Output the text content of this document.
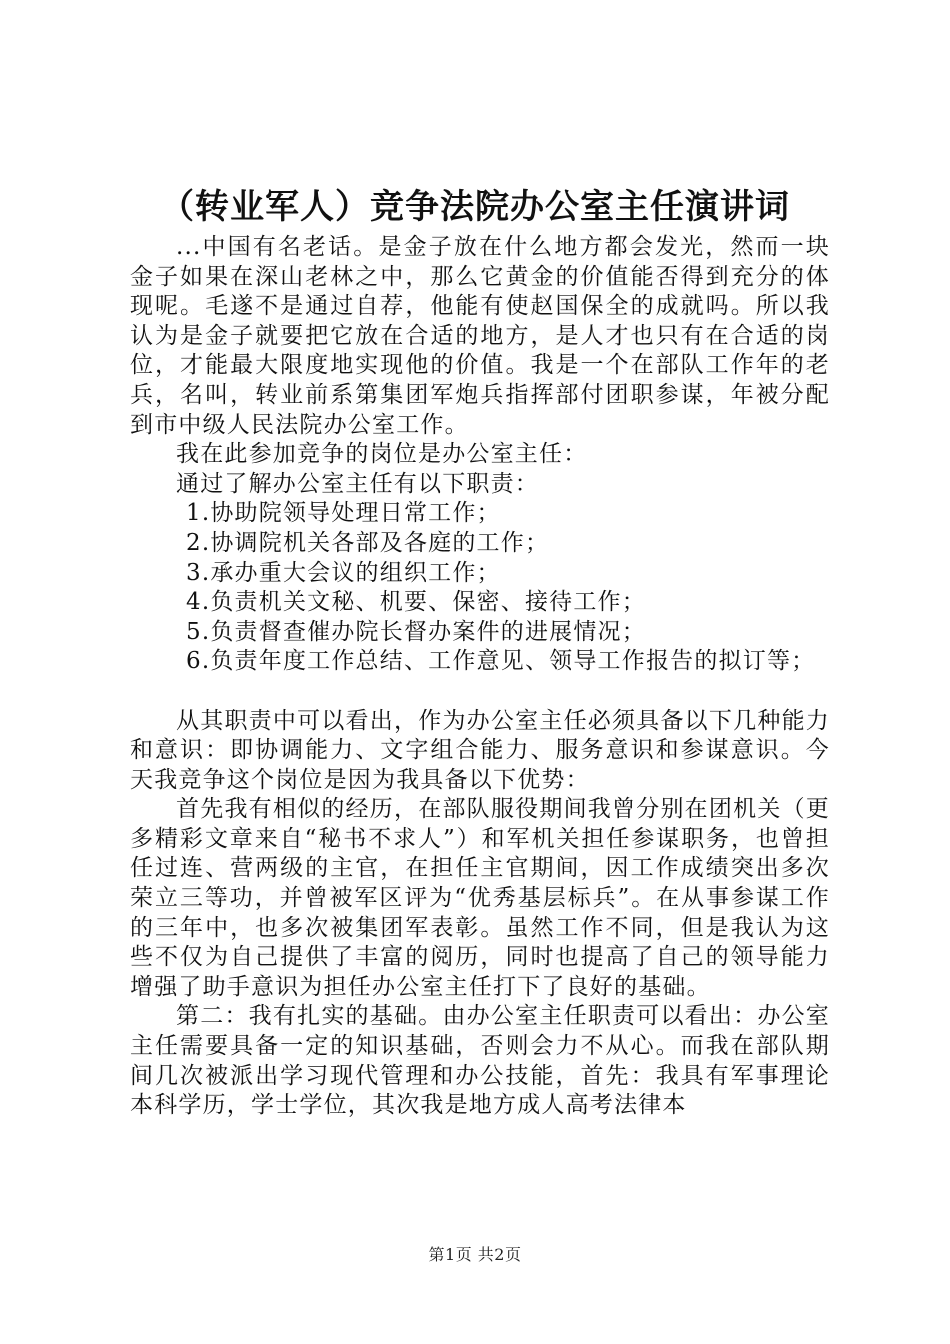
（转业军人）竞争法院办公室主任演讲词

...中国有名老话。是金子放在什么地方都会发光，然而一块金子如果在深山老林之中，那么它黄金的价值能否得到充分的体现呢。毛遂不是通过自荐，他能有使赵国保全的成就吗。所以我认为是金子就要把它放在合适的地方，是人才也只有在合适的岗位，才能最大限度地实现他的价值。我是一个在部队工作年的老兵，名叫，转业前系第集团军炮兵指挥部付团职参谋，年被分配到市中级人民法院办公室工作。

我在此参加竞争的岗位是办公室主任：

通过了解办公室主任有以下职责：

1.协助院领导处理日常工作；
2.协调院机关各部及各庭的工作；
3.承办重大会议的组织工作；
4.负责机关文秘、机要、保密、接待工作；
5.负责督查催办院长督办案件的进展情况；
6.负责年度工作总结、工作意见、领导工作报告的拟订等；

从其职责中可以看出，作为办公室主任必须具备以下几种能力和意识：即协调能力、文字组合能力、服务意识和参谋意识。今天我竞争这个岗位是因为我具备以下优势：

首先我有相似的经历，在部队服役期间我曾分别在团机关（更多精彩文章来自“秘书不求人”）和军机关担任参谋职务，也曾担任过连、营两级的主官，在担任主官期间，因工作成绩突出多次荣立三等功，并曾被军区评为“优秀基层标兵”。在从事参谋工作的三年中，也多次被集团军表彰。虽然工作不同，但是我认为这些不仅为自己提供了丰富的阅历，同时也提高了自己的领导能力增强了助手意识为担任办公室主任打下了良好的基础。

第二：我有扎实的基础。由办公室主任职责可以看出：办公室主任需要具备一定的知识基础，否则会力不从心。而我在部队期间几次被派出学习现代管理和办公技能，首先：我具有军事理论本科学历，学士学位，其次我是地方成人高考法律本

第1页 共2页
